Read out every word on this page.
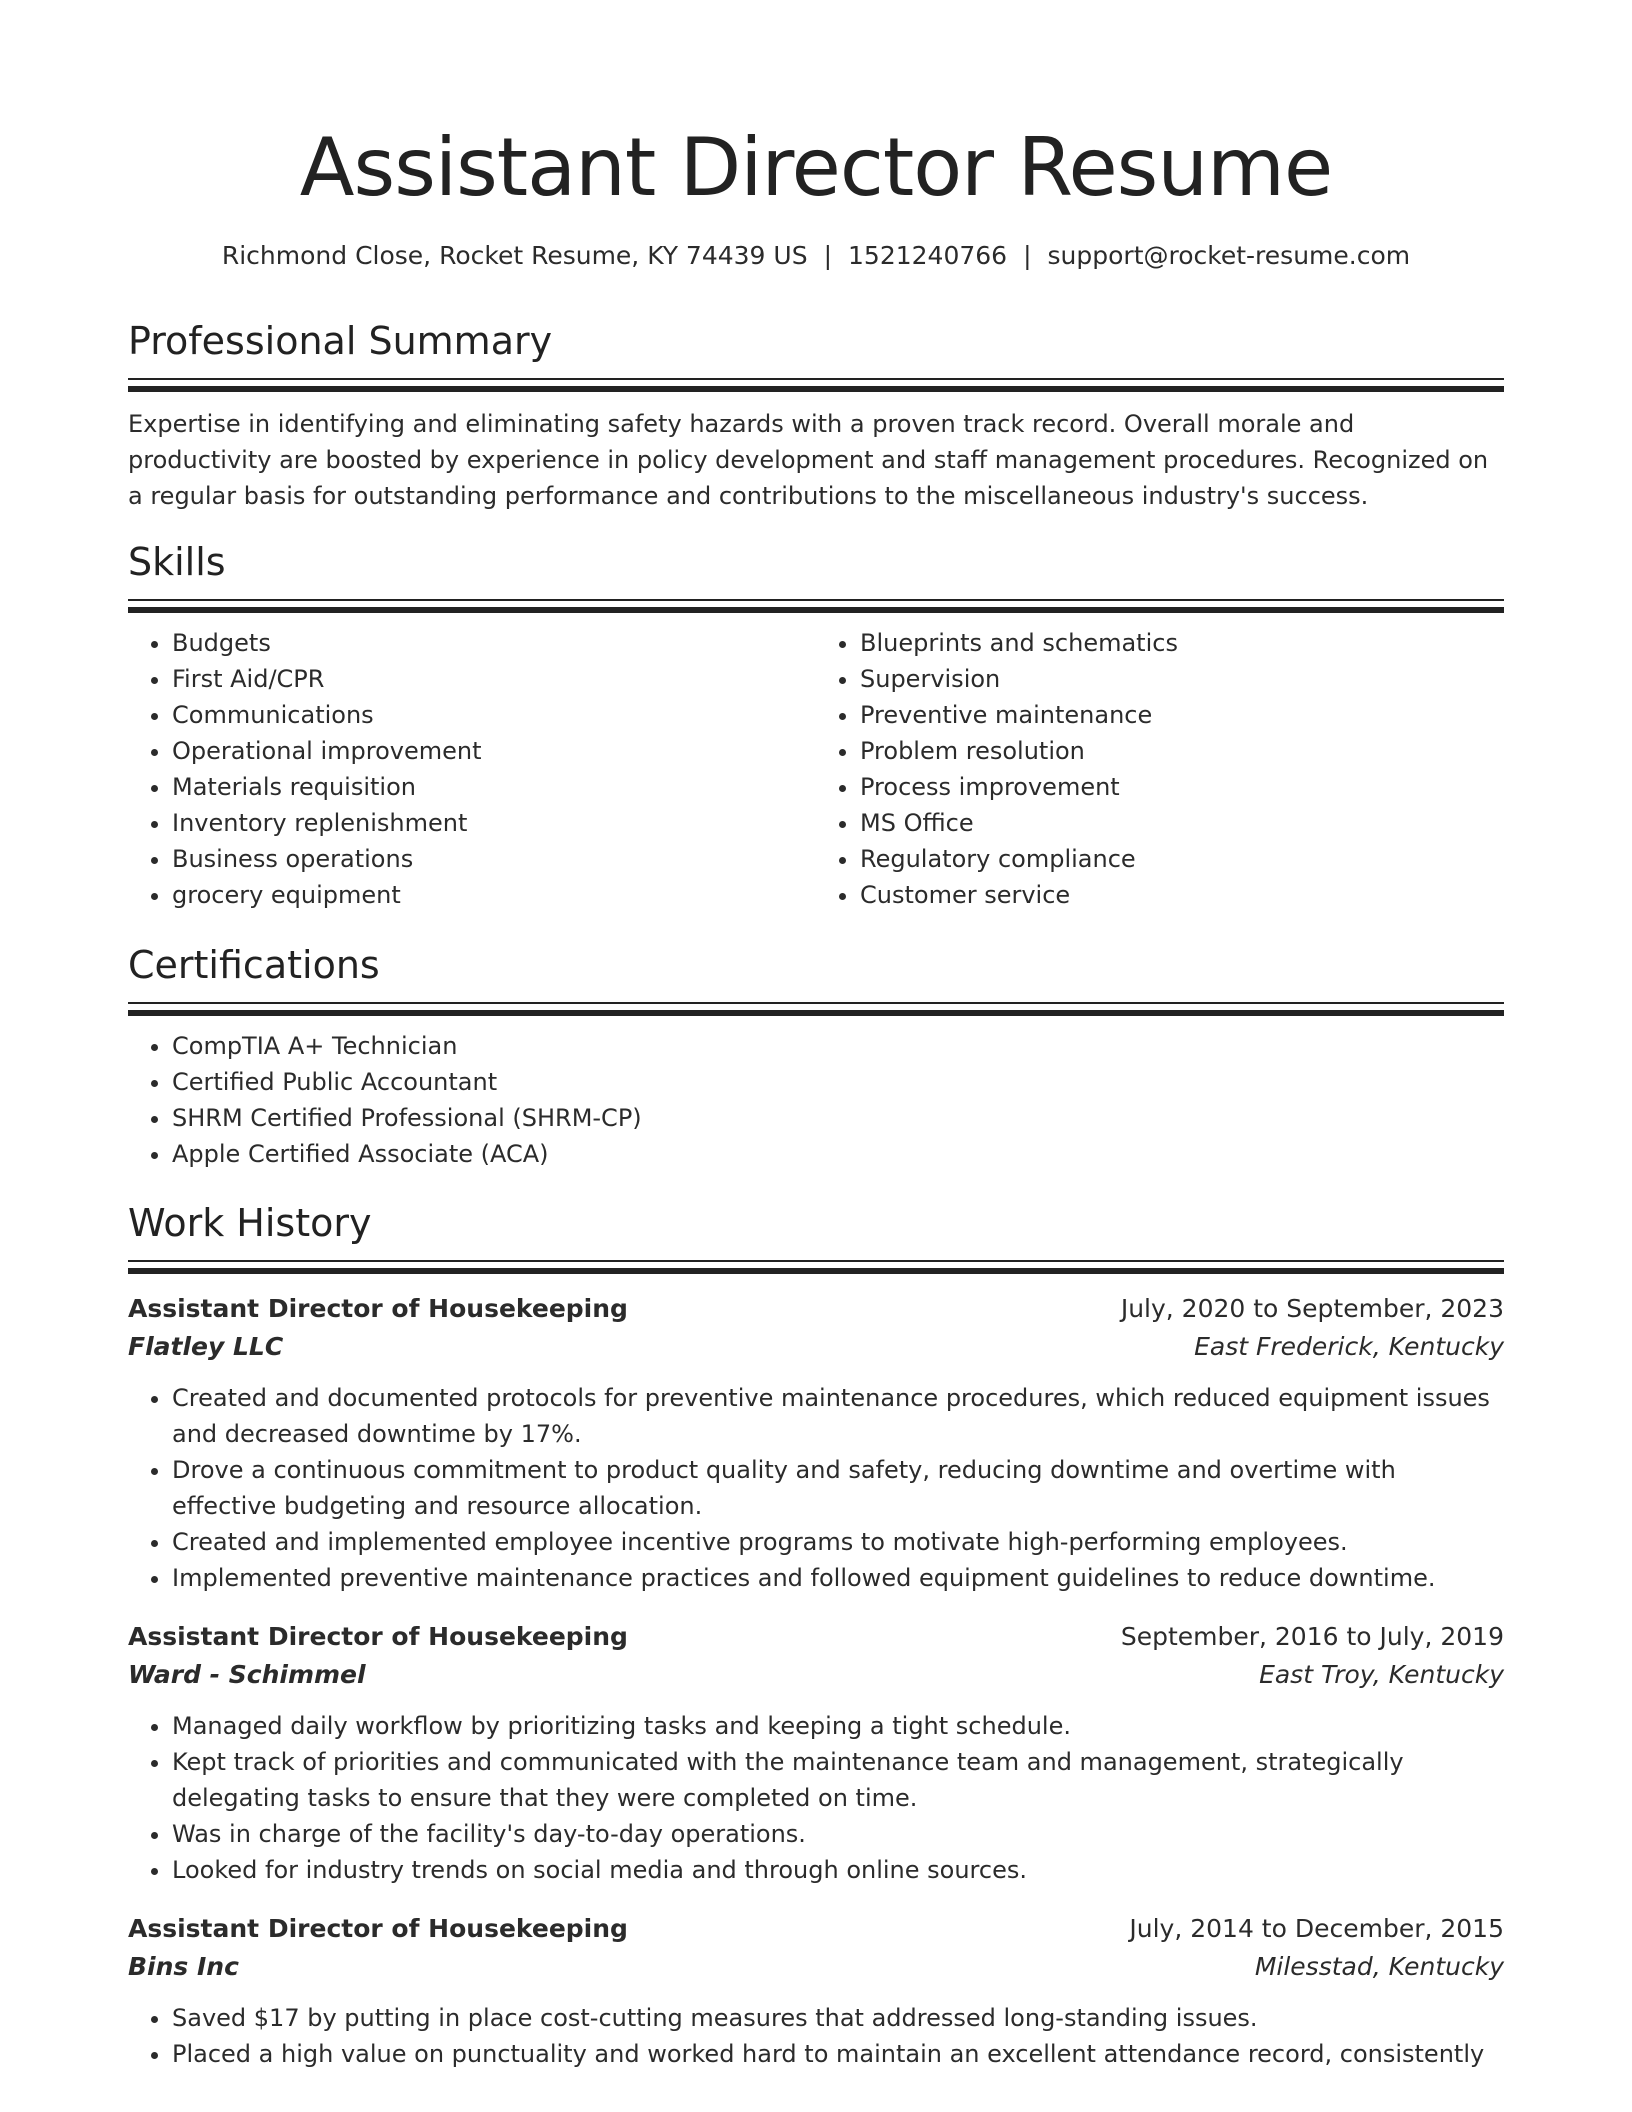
Assistant Director Resume
Richmond Close, Rocket Resume, KY 74439 US | 1521240766 | support@rocket-resume.com
Professional Summary

Expertise in identifying and eliminating safety hazards with a proven track record. Overall morale and productivity are boosted by experience in policy development and staff management procedures. Recognized on a regular basis for outstanding performance and contributions to the miscellaneous industry's success.

Skills
• Budgets
• First Aid/CPR
• Communications
• Operational improvement
• Materials requisition
• Inventory replenishment
• Business operations
• grocery equipment
• Blueprints and schematics
• Supervision
• Preventive maintenance
• Problem resolution
• Process improvement
• MS Office
• Regulatory compliance
• Customer service
Certifications
• CompTIA A+ Technician
• Certified Public Accountant
• SHRM Certified Professional (SHRM-CP)
• Apple Certified Associate (ACA)
Work History
Assistant Director of Housekeeping	July, 2020 to September, 2023
Flatley LLC	East Frederick, Kentucky
• Created and documented protocols for preventive maintenance procedures, which reduced equipment issues and decreased downtime by 17%.
• Drove a continuous commitment to product quality and safety, reducing downtime and overtime with effective budgeting and resource allocation.
• Created and implemented employee incentive programs to motivate high-performing employees.
• Implemented preventive maintenance practices and followed equipment guidelines to reduce downtime.
Assistant Director of Housekeeping	September, 2016 to July, 2019
Ward - Schimmel	East Troy, Kentucky
• Managed daily workflow by prioritizing tasks and keeping a tight schedule.
• Kept track of priorities and communicated with the maintenance team and management, strategically delegating tasks to ensure that they were completed on time.
• Was in charge of the facility's day-to-day operations.
• Looked for industry trends on social media and through online sources.
Assistant Director of Housekeeping	July, 2014 to December, 2015
Bins Inc	Milesstad, Kentucky
• Saved $17 by putting in place cost-cutting measures that addressed long-standing issues.
• Placed a high value on punctuality and worked hard to maintain an excellent attendance record, consistently
